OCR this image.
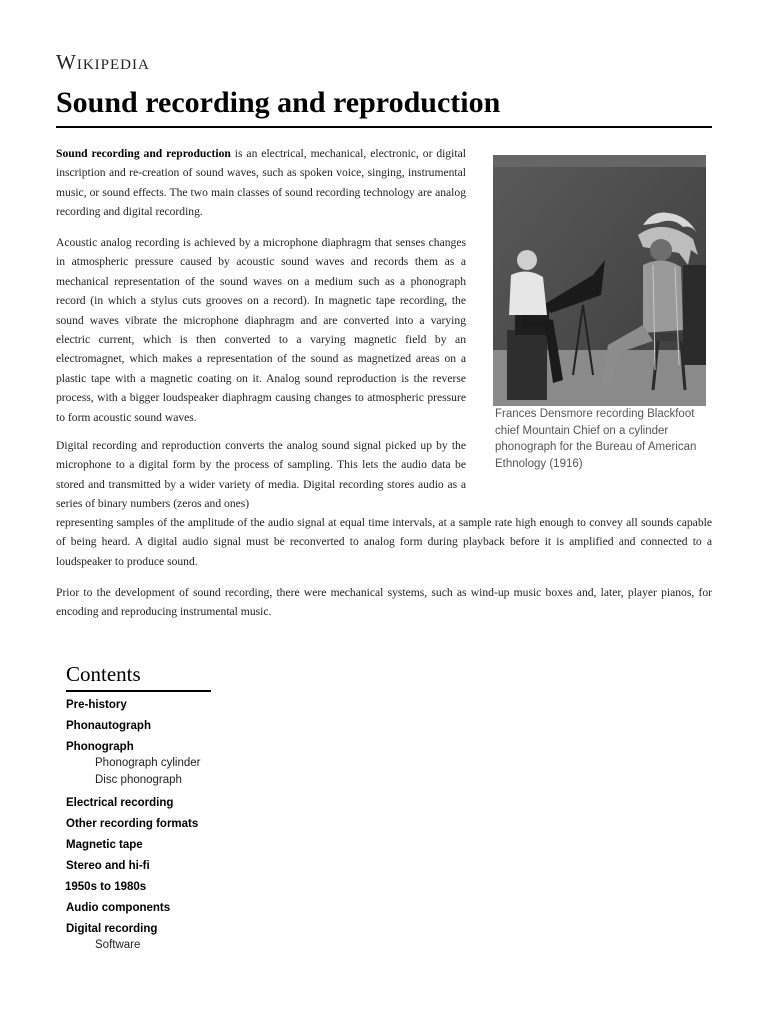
Wikipedia
Sound recording and reproduction

Sound recording and reproduction is an electrical, mechanical, electronic, or digital inscription and re-creation of sound waves, such as spoken voice, singing, instrumental music, or sound effects. The two main classes of sound recording technology are analog recording and digital recording.

Acoustic analog recording is achieved by a microphone diaphragm that senses changes in atmospheric pressure caused by acoustic sound waves and records them as a mechanical representation of the sound waves on a medium such as a phonograph record (in which a stylus cuts grooves on a record). In magnetic tape recording, the sound waves vibrate the microphone diaphragm and are converted into a varying electric current, which is then converted to a varying magnetic field by an electromagnet, which makes a representation of the sound as magnetized areas on a plastic tape with a magnetic coating on it. Analog sound reproduction is the reverse process, with a bigger loudspeaker diaphragm causing changes to atmospheric pressure to form acoustic sound waves.

Digital recording and reproduction converts the analog sound signal picked up by the microphone to a digital form by the process of sampling. This lets the audio data be stored and transmitted by a wider variety of media. Digital recording stores audio as a series of binary numbers (zeros and ones)

representing samples of the amplitude of the audio signal at equal time intervals, at a sample rate high enough to convey all sounds capable of being heard. A digital audio signal must be reconverted to analog form during playback before it is amplified and connected to a loudspeaker to produce sound.

Prior to the development of sound recording, there were mechanical systems, such as wind-up music boxes and, later, player pianos, for encoding and reproducing instrumental music.

Frances Densmore recording Blackfoot chief Mountain Chief on a cylinder phonograph for the Bureau of American Ethnology (1916)
Contents
Pre-history
Phonautograph
Phonograph
Phonograph cylinder
Disc phonograph
Electrical recording
Other recording formats
Magnetic tape
Stereo and hi-fi
1950s to 1980s
Audio components
Digital recording
Software
